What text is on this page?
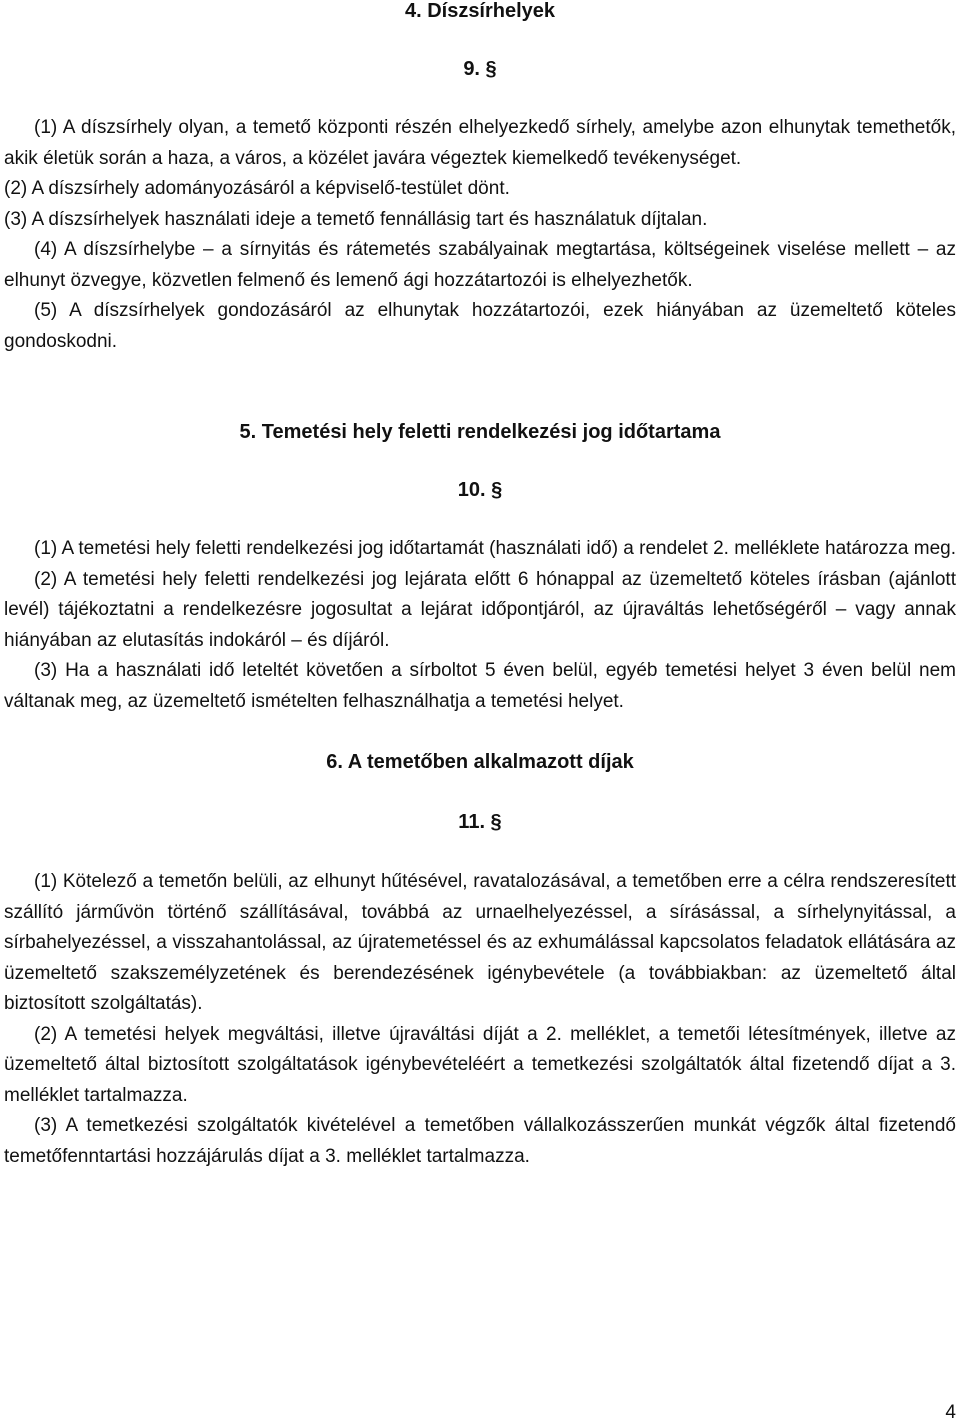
4. Díszsírhelyek

9. §

(1) A díszsírhely olyan, a temető központi részén elhelyezkedő sírhely, amelybe azon elhunytak temethetők, akik életük során a haza, a város, a közélet javára végeztek kiemelkedő tevékenységet.

(2) A díszsírhely adományozásáról a képviselő-testület dönt.

(3) A díszsírhelyek használati ideje a temető fennállásig tart és használatuk díjtalan.

(4) A díszsírhelybe – a sírnyitás és rátemetés szabályainak megtartása, költségeinek viselése mellett – az elhunyt özvegye, közvetlen felmenő és lemenő ági hozzátartozói is elhelyezhetők.

(5) A díszsírhelyek gondozásáról az elhunytak hozzátartozói, ezek hiányában az üzemeltető köteles gondoskodni.

5. Temetési hely feletti rendelkezési jog időtartama

10. §

(1) A temetési hely feletti rendelkezési jog időtartamát (használati idő) a rendelet 2. melléklete határozza meg.

(2) A temetési hely feletti rendelkezési jog lejárata előtt 6 hónappal az üzemeltető köteles írásban (ajánlott levél) tájékoztatni a rendelkezésre jogosultat a lejárat időpontjáról, az újraváltás lehetőségéről – vagy annak hiányában az elutasítás indokáról – és díjáról.

(3) Ha a használati idő leteltét követően a sírboltot 5 éven belül, egyéb temetési helyet 3 éven belül nem váltanak meg, az üzemeltető ismételten felhasználhatja a temetési helyet.

6. A temetőben alkalmazott díjak

11. §

(1) Kötelező a temetőn belüli, az elhunyt hűtésével, ravatalozásával, a temetőben erre a célra rendszeresített szállító járművön történő szállításával, továbbá az urnaelhelyezéssel, a sírásással, a sírhelynyitással, a sírbahelyezéssel, a visszahantolással, az újratemetéssel és az exhumálással kapcsolatos feladatok ellátására az üzemeltető szakszemélyzetének és berendezésének igénybevétele (a továbbiakban: az üzemeltető által biztosított szolgáltatás).

(2) A temetési helyek megváltási, illetve újraváltási díját a 2. melléklet, a temetői létesítmények, illetve az üzemeltető által biztosított szolgáltatások igénybevételéért a temetkezési szolgáltatók által fizetendő díjat a 3. melléklet tartalmazza.

(3) A temetkezési szolgáltatók kivételével a temetőben vállalkozásszerűen munkát végzők által fizetendő temetőfenntartási hozzájárulás díjat a 3. melléklet tartalmazza.

4
